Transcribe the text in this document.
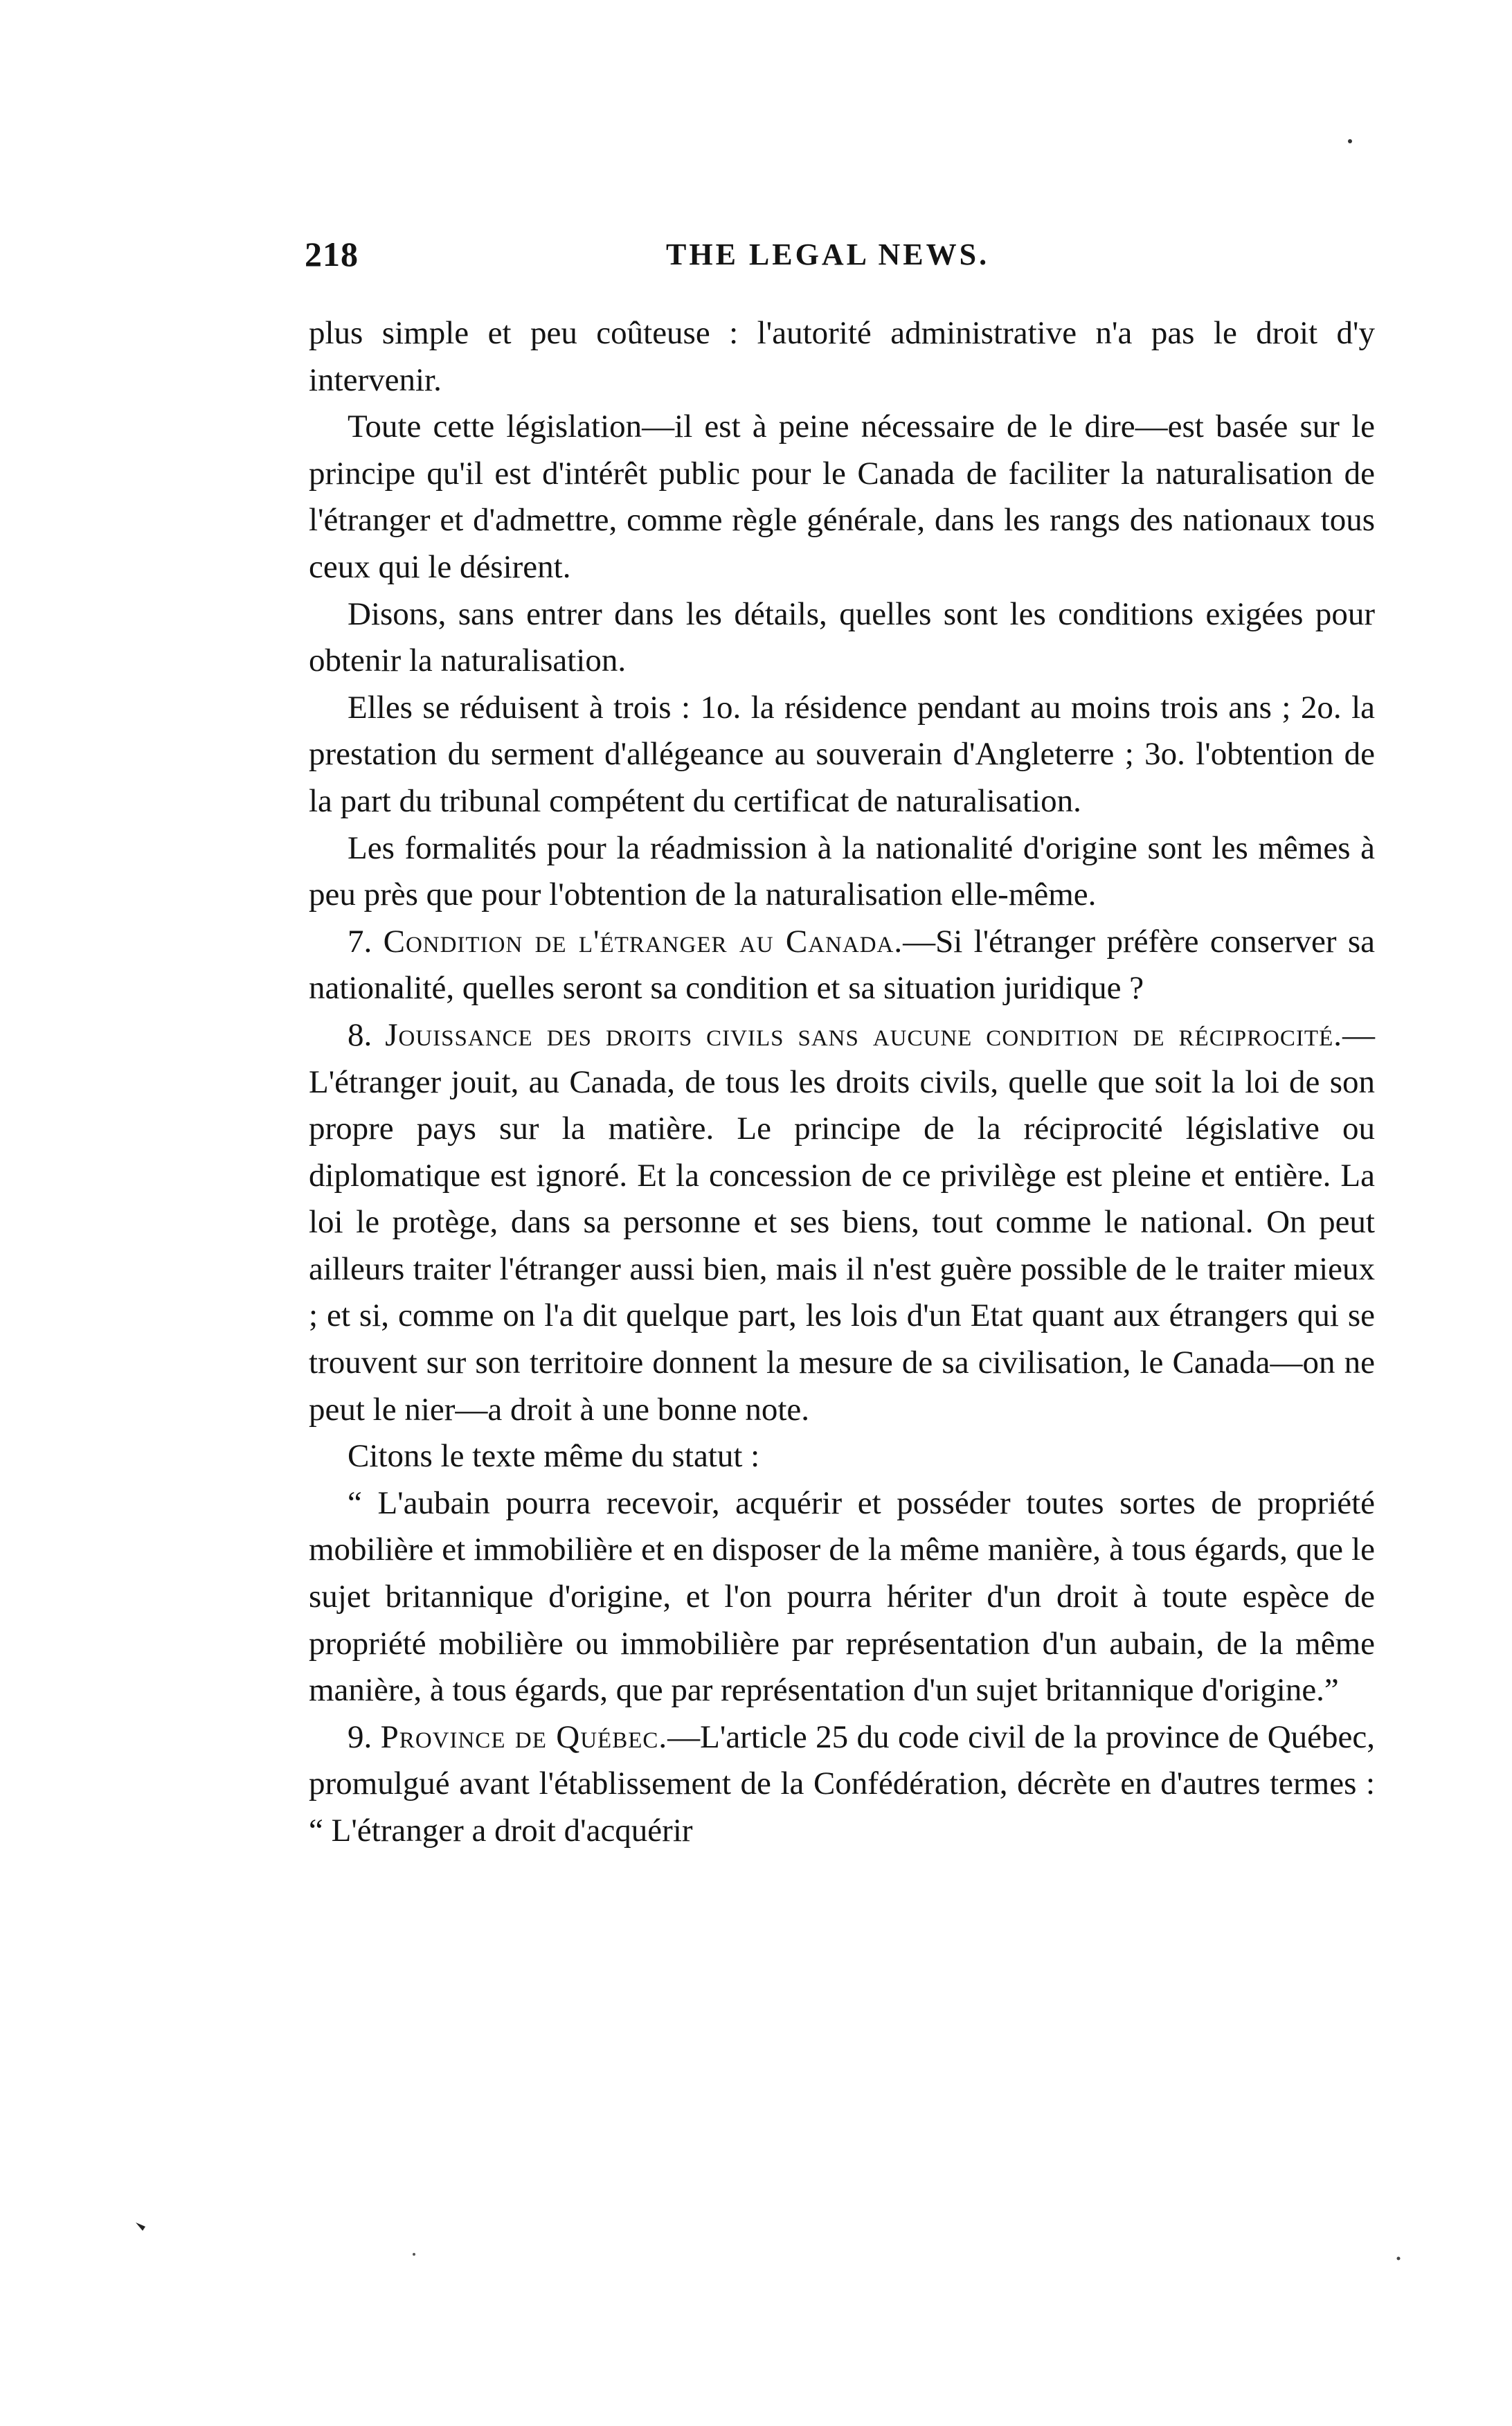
218	THE LEGAL NEWS.

plus simple et peu coûteuse : l'autorité administrative n'a pas le droit d'y intervenir.

Toute cette législation—il est à peine nécessaire de le dire—est basée sur le principe qu'il est d'intérêt public pour le Canada de faciliter la naturalisation de l'étranger et d'admettre, comme règle générale, dans les rangs des nationaux tous ceux qui le désirent.

Disons, sans entrer dans les détails, quelles sont les conditions exigées pour obtenir la naturalisation.

Elles se réduisent à trois : 1o. la résidence pendant au moins trois ans ; 2o. la prestation du serment d'allégeance au souverain d'Angleterre ; 3o. l'obtention de la part du tribunal compétent du certificat de naturalisation.

Les formalités pour la réadmission à la nationalité d'origine sont les mêmes à peu près que pour l'obtention de la naturalisation elle-même.

7. Condition de l'étranger au Canada.—Si l'étranger préfère conserver sa nationalité, quelles seront sa condition et sa situation juridique ?

8. Jouissance des droits civils sans aucune condition de réciprocité.—L'étranger jouit, au Canada, de tous les droits civils, quelle que soit la loi de son propre pays sur la matière. Le principe de la réciprocité législative ou diplomatique est ignoré. Et la concession de ce privilège est pleine et entière. La loi le protège, dans sa personne et ses biens, tout comme le national. On peut ailleurs traiter l'étranger aussi bien, mais il n'est guère possible de le traiter mieux ; et si, comme on l'a dit quelque part, les lois d'un Etat quant aux étrangers qui se trouvent sur son territoire donnent la mesure de sa civilisation, le Canada—on ne peut le nier—a droit à une bonne note.

Citons le texte même du statut :

“ L'aubain pourra recevoir, acquérir et posséder toutes sortes de propriété mobilière et immobilière et en disposer de la même manière, à tous égards, que le sujet britannique d'origine, et l'on pourra hériter d'un droit à toute espèce de propriété mobilière ou immobilière par représentation d'un aubain, de la même manière, à tous égards, que par représentation d'un sujet britannique d'origine.”

9. Province de Québec.—L'article 25 du code civil de la province de Québec, promulgué avant l'établissement de la Confédération, décrète en d'autres termes : “ L'étranger a droit d'acquérir
